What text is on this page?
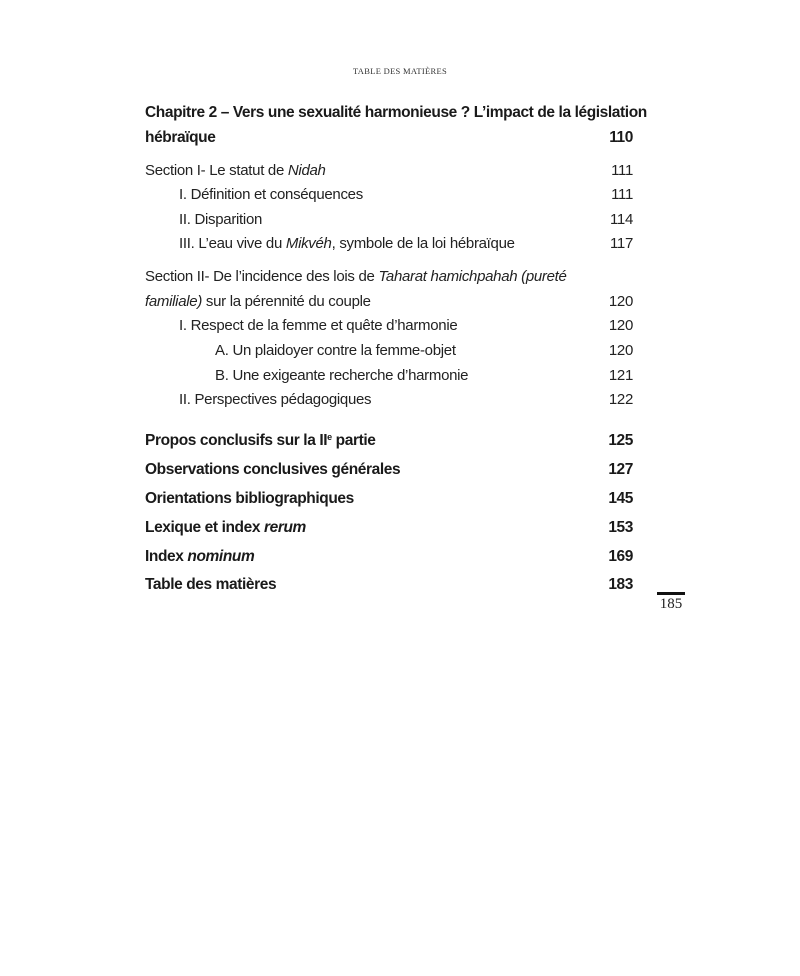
TABLE DES MATIÈRES
Chapitre 2 – Vers une sexualité harmonieuse ? L’impact de la législation
hébraïque	110
Section I- Le statut de Nidah	111
I. Définition et conséquences	111
II. Disparition	114
III. L’eau vive du Mikvéh, symbole de la loi hébraïque	117
Section II- De l’incidence des lois de Taharat hamichpahah (pureté
familiale) sur la pérennité du couple	120
I. Respect de la femme et quête d’harmonie	120
A. Un plaidoyer contre la femme-objet	120
B. Une exigeante recherche d’harmonie	121
II. Perspectives pédagogiques	122
Propos conclusifs sur la IIe partie	125
Observations conclusives générales	127
Orientations bibliographiques	145
Lexique et index rerum	153
Index nominum	169
Table des matières	183
185
